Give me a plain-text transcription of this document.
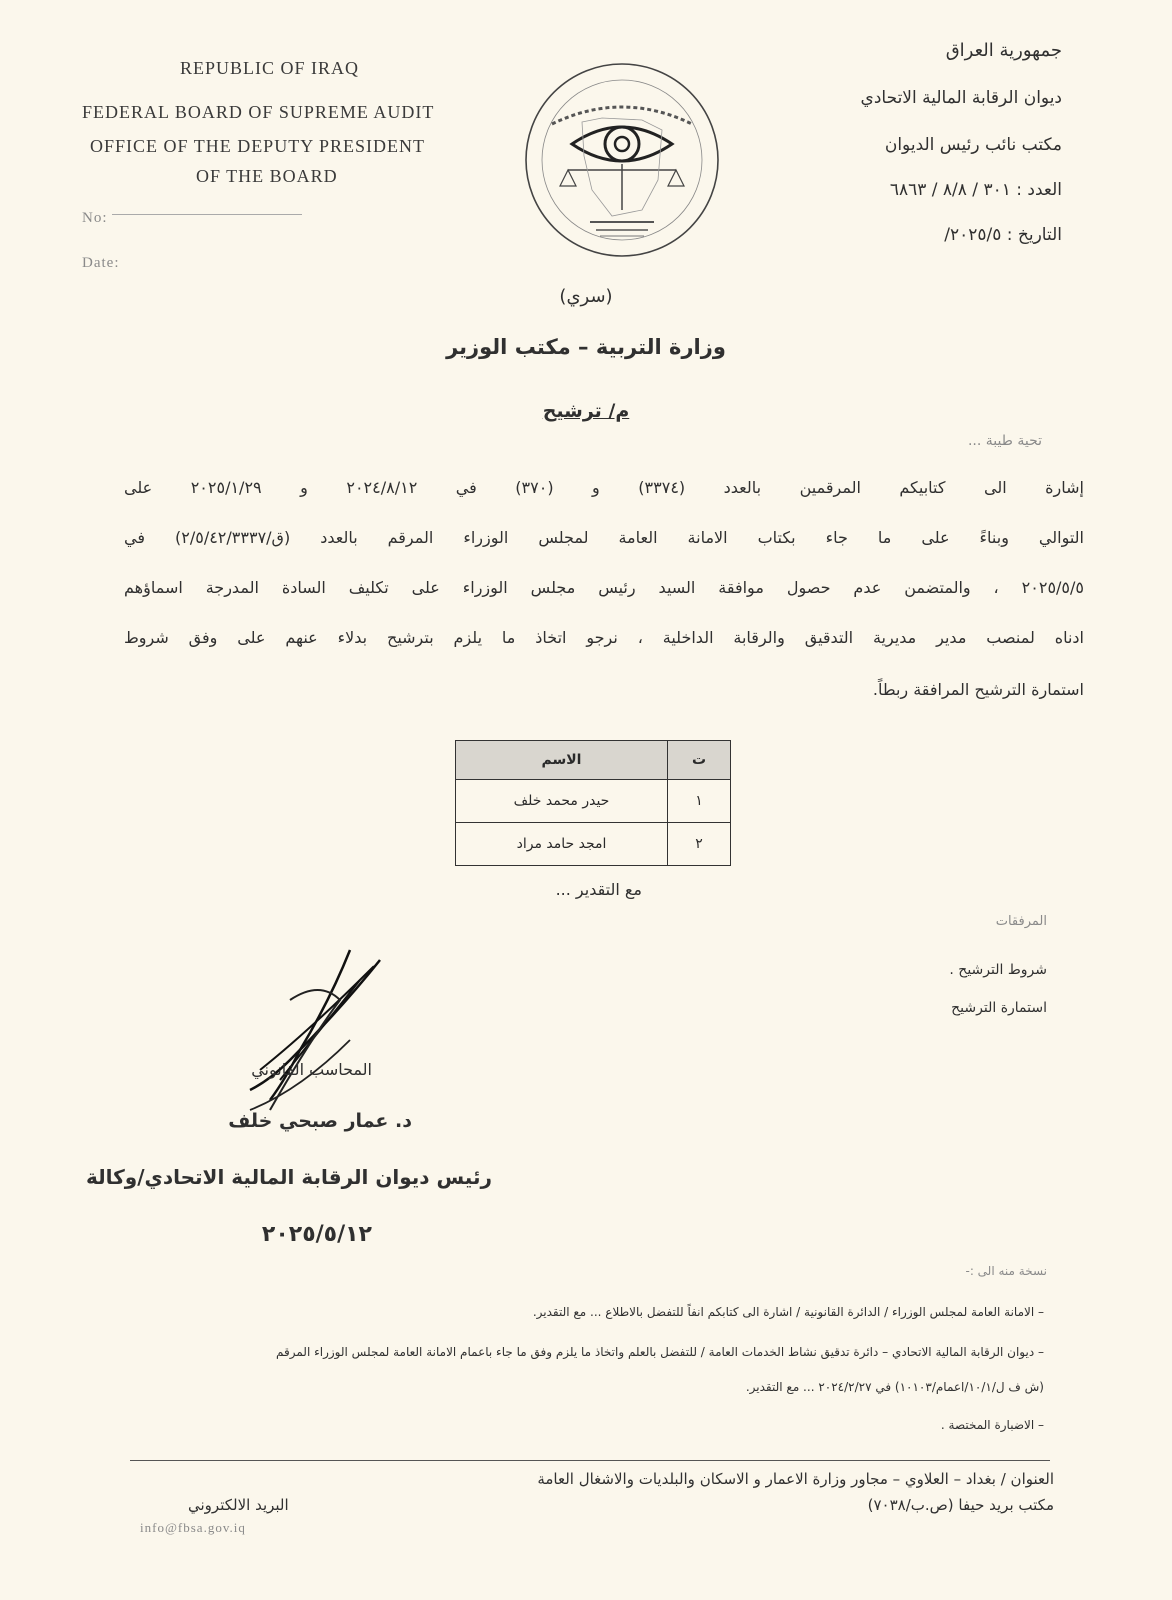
REPUBLIC OF IRAQ
FEDERAL BOARD OF SUPREME AUDIT
OFFICE OF THE DEPUTY PRESIDENT
OF THE BOARD
No:
Date:
جمهورية العراق
ديوان الرقابة المالية الاتحادي
مكتب نائب رئيس الديوان
العدد : ٣٠١ / ٨/٨ / ٦٨٦٣
التاريخ : ٢٠٢٥/٥/
(سري)
وزارة التربية – مكتب الوزير
م/ ترشيح
تحية طيبة ...
إشارة الى كتابيكم المرقمين بالعدد (٣٣٧٤) و (٣٧٠) في ٢٠٢٤/٨/١٢ و ٢٠٢٥/١/٢٩ على
التوالي وبناءً على ما جاء بكتاب الامانة العامة لمجلس الوزراء المرقم بالعدد (ق/٢/٥/٤٢/٣٣٣٧) في
٢٠٢٥/٥/٥ ، والمتضمن عدم حصول موافقة السيد رئيس مجلس الوزراء على تكليف السادة المدرجة اسماؤهم
ادناه لمنصب مدير مديرية التدقيق والرقابة الداخلية ، نرجو اتخاذ ما يلزم بترشيح بدلاء عنهم على وفق شروط
استمارة الترشيح المرافقة ربطاً.
ت	الاسم
١	حيدر محمد خلف
٢	امجد حامد مراد
مع التقدير ...
المرفقات
شروط الترشيح .
استمارة الترشيح
المحاسب القانوني
د. عمار صبحي خلف
رئيس ديوان الرقابة المالية الاتحادي/وكالة
٢٠٢٥/٥/١٢
نسخة منه الى :-
– الامانة العامة لمجلس الوزراء / الدائرة القانونية / اشارة الى كتابكم انفاً للتفضل بالاطلاع ... مع التقدير.
– ديوان الرقابة المالية الاتحادي – دائرة تدقيق نشاط الخدمات العامة / للتفضل بالعلم واتخاذ ما يلزم وفق ما جاء باعمام الامانة العامة لمجلس الوزراء المرقم
(ش ف ل/١٠/١/اعمام/١٠١٠٣) في ٢٠٢٤/٢/٢٧ ... مع التقدير.
– الاضبارة المختصة .
العنوان / بغداد – العلاوي – مجاور وزارة الاعمار و الاسكان والبلديات والاشغال العامة
مكتب بريد حيفا (ص.ب/٧٠٣٨)
البريد الالكتروني
info@fbsa.gov.iq
